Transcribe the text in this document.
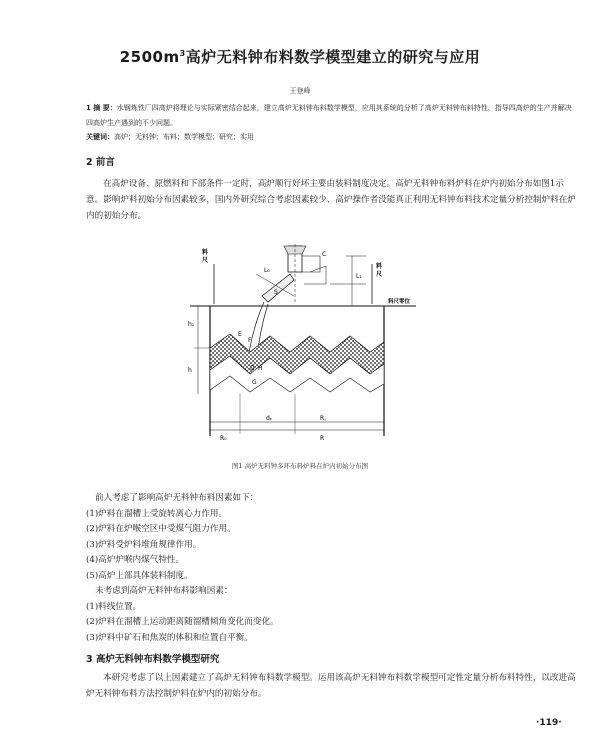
$2500m^3$高炉无料钟布料数学模型建立的研究与应用
王登峰
1 摘 要：水钢炼铁厂四高炉将理论与实际紧密结合起来，建立高炉无料钟布料数学模型，应用其系统的分析了高炉无料钟布料特性，指导四高炉的生产并解决四高炉生产遇到的不少问题。
关键词：高炉；无料钟；布料；数学模型；研究；实用
2 前言
在高炉设备、原燃料和下部条件一定时，高炉顺行好坏主要由装料制度决定。高炉无料钟布料炉料在炉内初始分布如图1示意。影响炉料初始分布因素较多，国内外研究综合考虑因素较少、高炉操作者没能真正利用无料钟布料技术定量分析控制炉料在炉内的初始分布。
料
尺
料
尺
料尺零位
C
L₁
L₀
S
E
F
H
D
G
h₁
h
R₀
R꜀
R
dₖ
图1 高炉无料钟多环布料炉料在炉内初始分布图
前人考虑了影响高炉无料钟布料因素如下：
(1)炉料在溜槽上受旋转离心力作用。
(2)炉料在炉喉空区中受煤气阻力作用。
(3)炉料受炉料堆角规律作用。
(4)高炉炉喉内煤气特性。
(5)高炉上部具体装料制度。
未考虑到高炉无料钟布料影响因素：
(1)料线位置。
(2)炉料在溜槽上运动距离随溜槽倾角变化而变化。
(3)炉料中矿石和焦炭的体积和位置自平衡。
3 高炉无料钟布料数学模型研究
本研究考虑了以上因素建立了高炉无料钟布料数学模型。运用该高炉无料钟布料数学模型可定性定量分析布料特性，以改进高炉无料钟布料方法控制炉料在炉内的初始分布。
·119·
